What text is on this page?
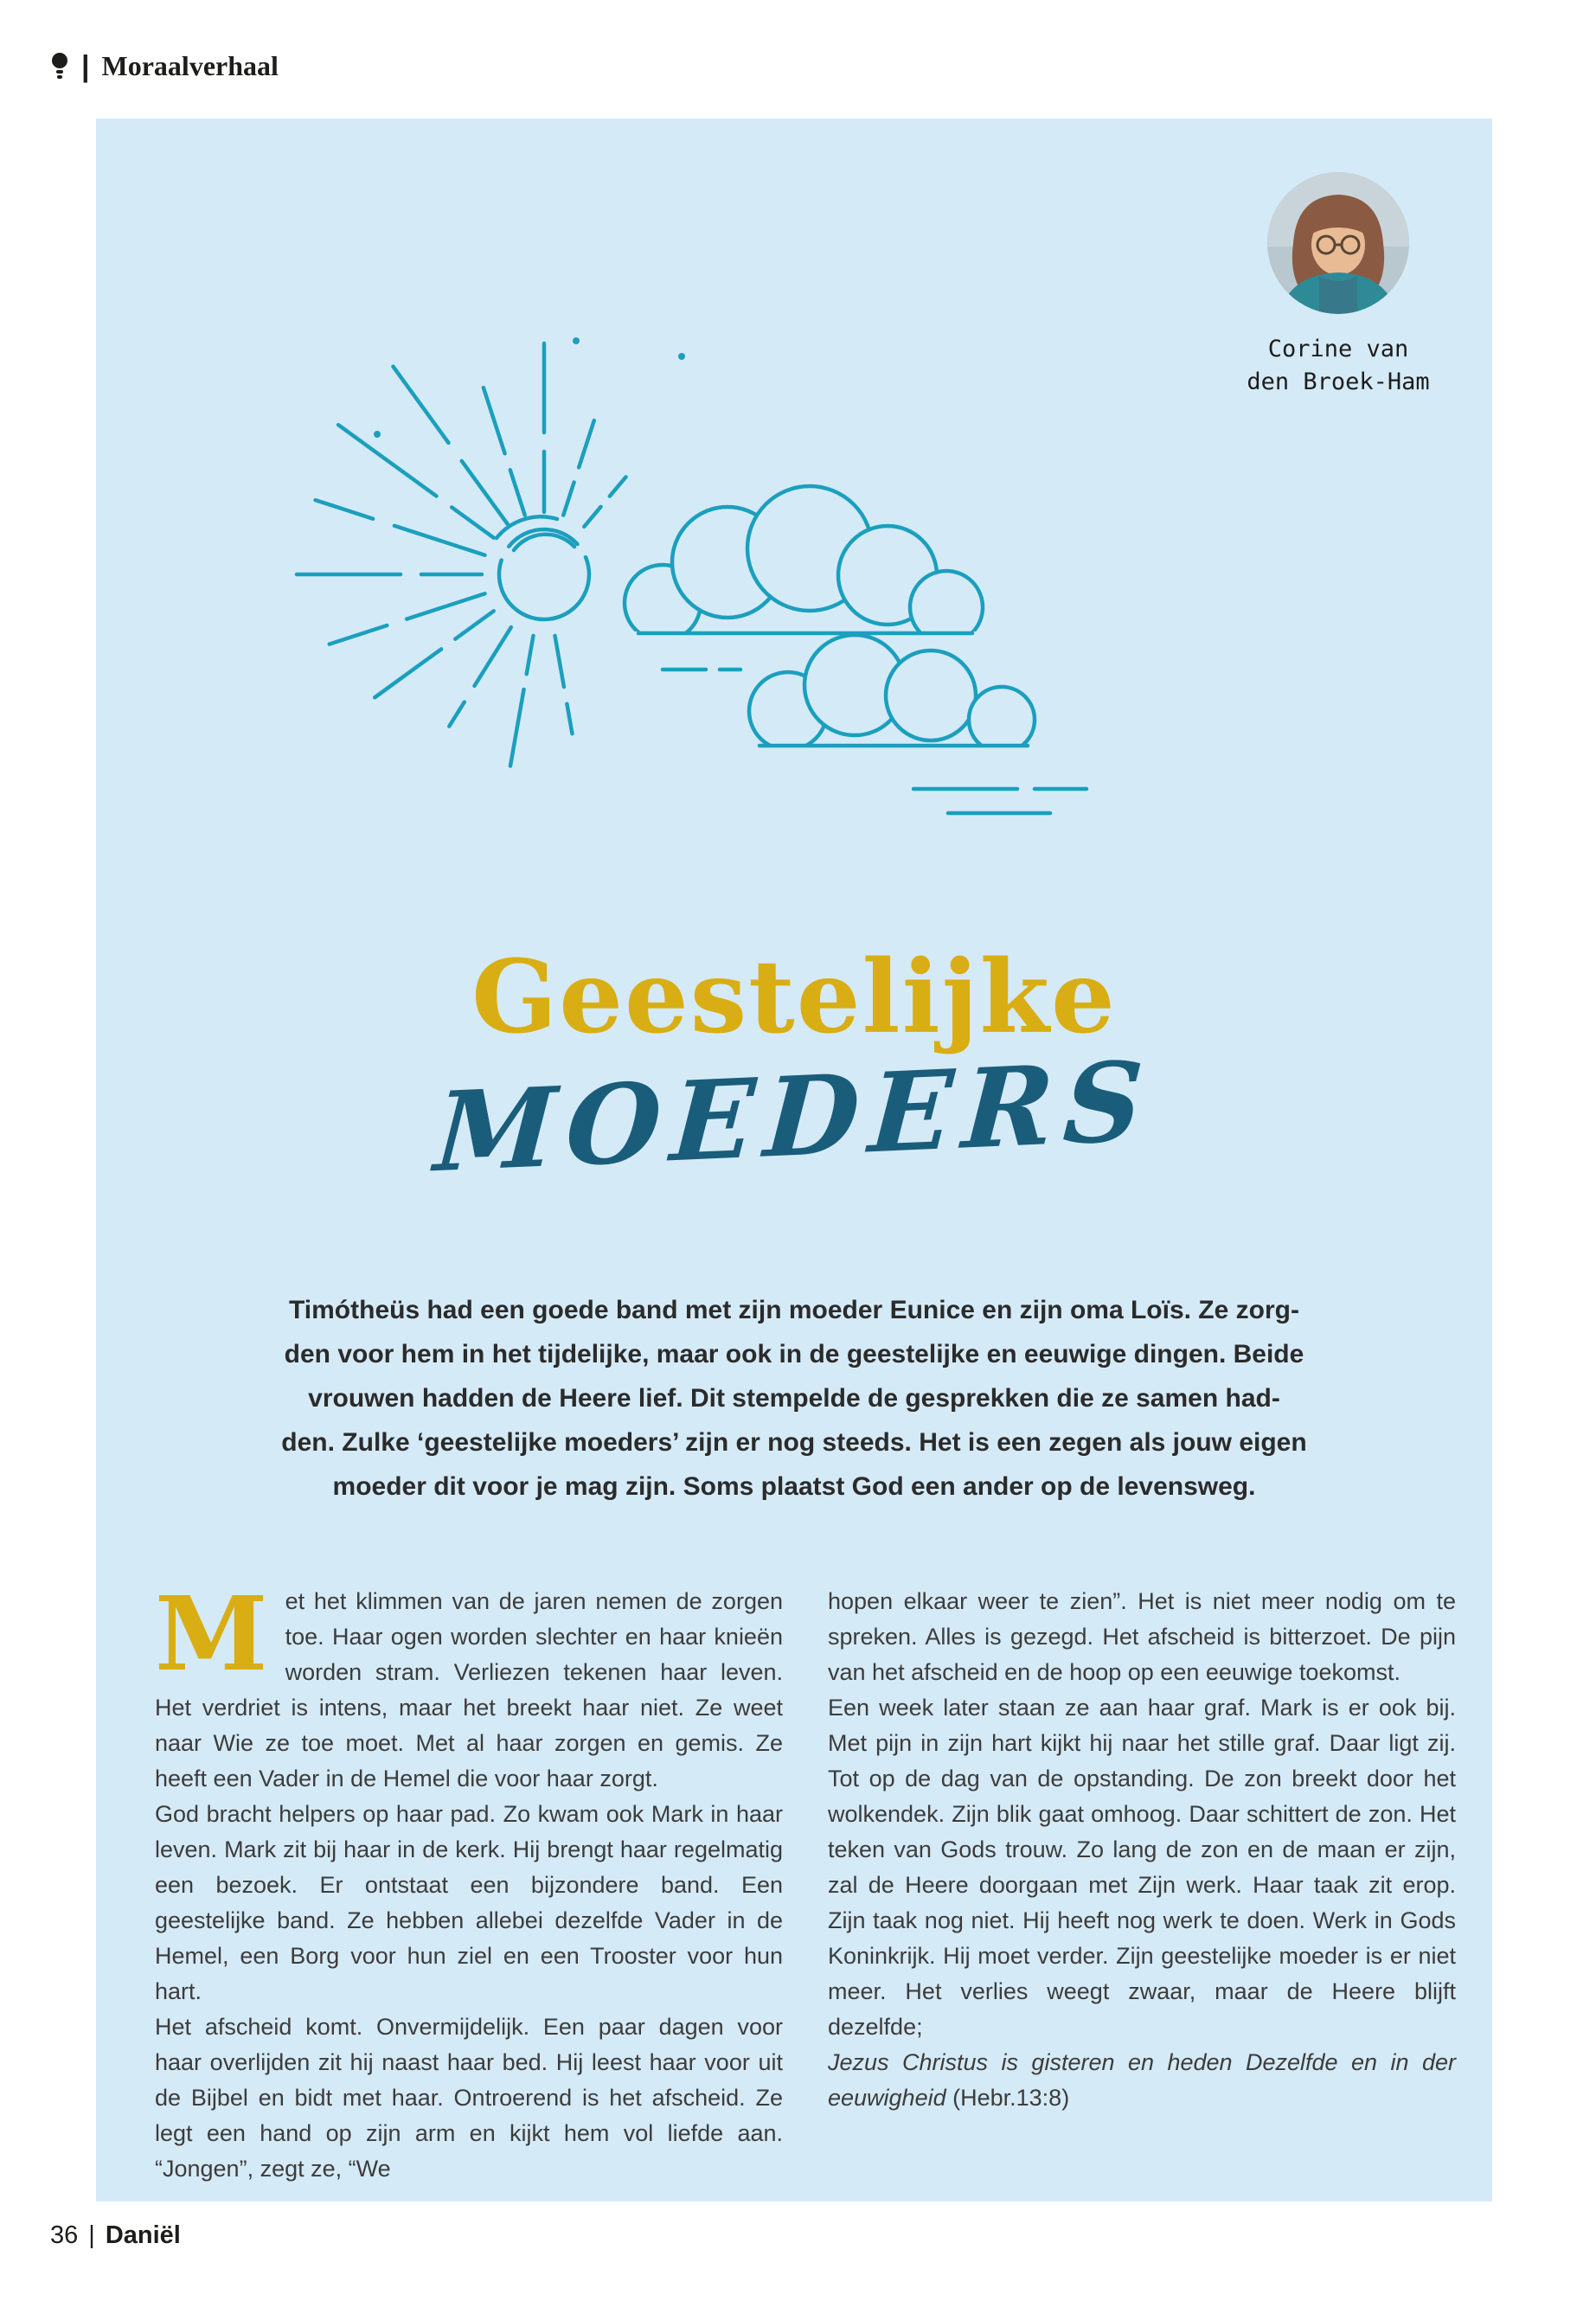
| Moraalverhaal
Corine van
den Broek-Ham
Geestelijke
MOEDERS
Timótheüs had een goede band met zijn moeder Eunice en zijn oma Loïs. Ze zorg-
den voor hem in het tijdelijke, maar ook in de geestelijke en eeuwige dingen. Beide
vrouwen hadden de Heere lief. Dit stempelde de gesprekken die ze samen had-
den. Zulke ‘geestelijke moeders’ zijn er nog steeds. Het is een zegen als jouw eigen
moeder dit voor je mag zijn. Soms plaatst God een ander op de levensweg.

Met het klimmen van de jaren nemen de zorgen toe. Haar ogen worden slechter en haar knieën worden stram. Verliezen tekenen haar leven. Het verdriet is intens, maar het breekt haar niet. Ze weet naar Wie ze toe moet. Met al haar zorgen en gemis. Ze heeft een Vader in de Hemel die voor haar zorgt.

God bracht helpers op haar pad. Zo kwam ook Mark in haar leven. Mark zit bij haar in de kerk. Hij brengt haar regelmatig een bezoek. Er ontstaat een bijzondere band. Een geestelijke band. Ze hebben allebei dezelfde Vader in de Hemel, een Borg voor hun ziel en een Trooster voor hun hart.

Het afscheid komt. Onvermijdelijk. Een paar dagen voor haar overlijden zit hij naast haar bed. Hij leest haar voor uit de Bijbel en bidt met haar. Ontroerend is het afscheid. Ze legt een hand op zijn arm en kijkt hem vol liefde aan. “Jongen”, zegt ze, “We

hopen elkaar weer te zien”. Het is niet meer nodig om te spreken. Alles is gezegd. Het afscheid is bitterzoet. De pijn van het afscheid en de hoop op een eeuwige toekomst.

Een week later staan ze aan haar graf. Mark is er ook bij. Met pijn in zijn hart kijkt hij naar het stille graf. Daar ligt zij. Tot op de dag van de opstanding. De zon breekt door het wolkendek. Zijn blik gaat omhoog. Daar schittert de zon. Het teken van Gods trouw. Zo lang de zon en de maan er zijn, zal de Heere doorgaan met Zijn werk. Haar taak zit erop. Zijn taak nog niet. Hij heeft nog werk te doen. Werk in Gods Koninkrijk. Hij moet verder. Zijn geestelijke moeder is er niet meer. Het verlies weegt zwaar, maar de Heere blijft dezelfde;

Jezus Christus is gisteren en heden Dezelfde en in der eeuwigheid (Hebr.13:8)

36 | Daniël
